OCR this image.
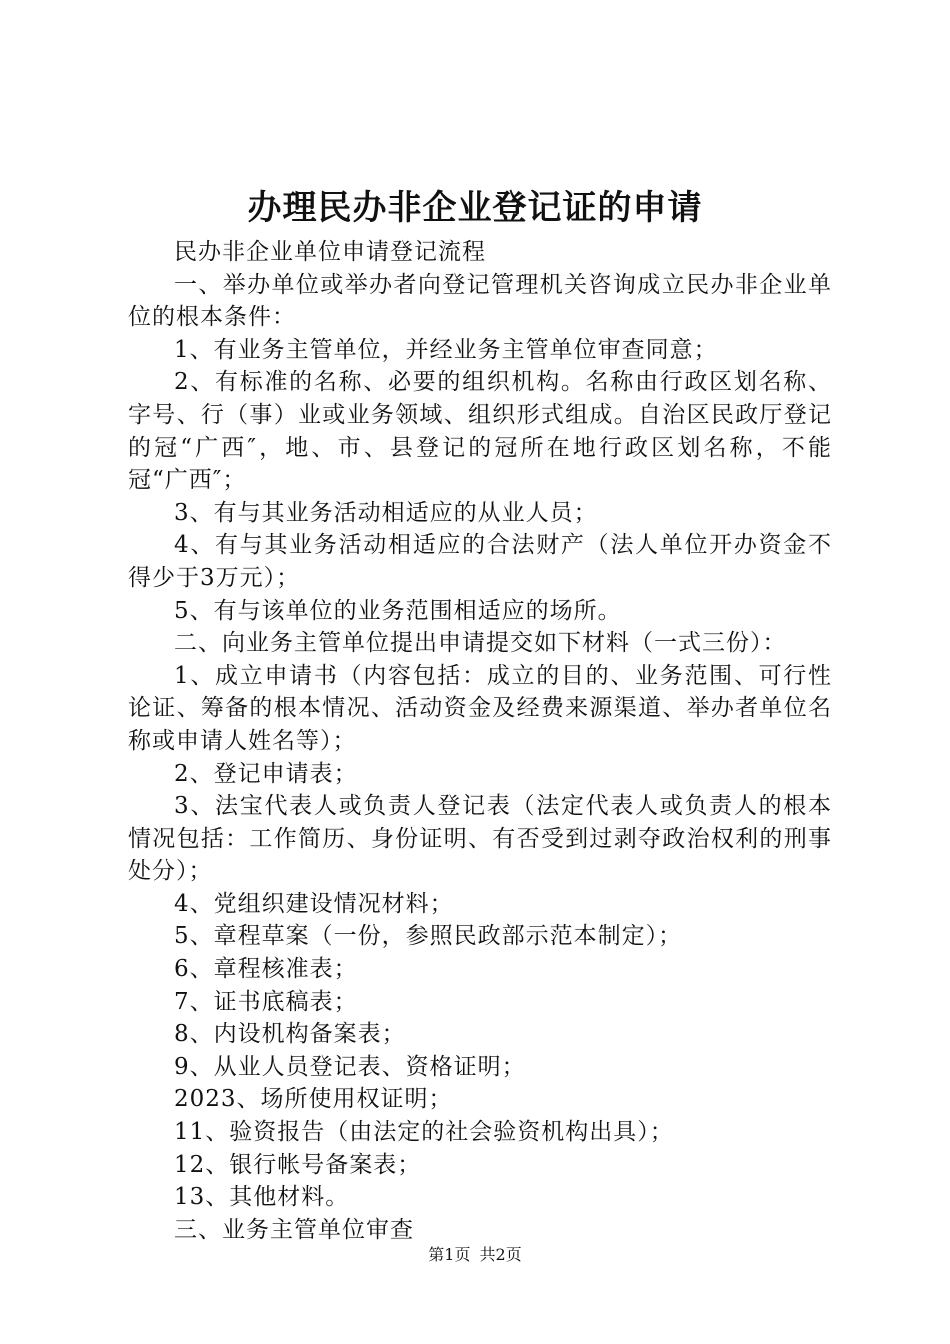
办理民办非企业登记证的申请

民办非企业单位申请登记流程

一、举办单位或举办者向登记管理机关咨询成立民办非企业单位的根本条件：

1、有业务主管单位，并经业务主管单位审查同意；

2、有标准的名称、必要的组织机构。名称由行政区划名称、字号、行（事）业或业务领域、组织形式组成。自治区民政厅登记的冠“广西″，地、市、县登记的冠所在地行政区划名称，不能冠“广西″；

3、有与其业务活动相适应的从业人员；

4、有与其业务活动相适应的合法财产（法人单位开办资金不得少于3万元）；

5、有与该单位的业务范围相适应的场所。

二、向业务主管单位提出申请提交如下材料（一式三份）：

1、成立申请书（内容包括：成立的目的、业务范围、可行性论证、筹备的根本情况、活动资金及经费来源渠道、举办者单位名称或申请人姓名等）；

2、登记申请表；

3、法宝代表人或负责人登记表（法定代表人或负责人的根本情况包括：工作简历、身份证明、有否受到过剥夺政治权利的刑事处分）；

4、党组织建设情况材料；

5、章程草案（一份，参照民政部示范本制定）；

6、章程核准表；

7、证书底稿表；

8、内设机构备案表；

9、从业人员登记表、资格证明；

2023、场所使用权证明；

11、验资报告（由法定的社会验资机构出具）；

12、银行帐号备案表；

13、其他材料。

三、业务主管单位审查

第1页 共2页
